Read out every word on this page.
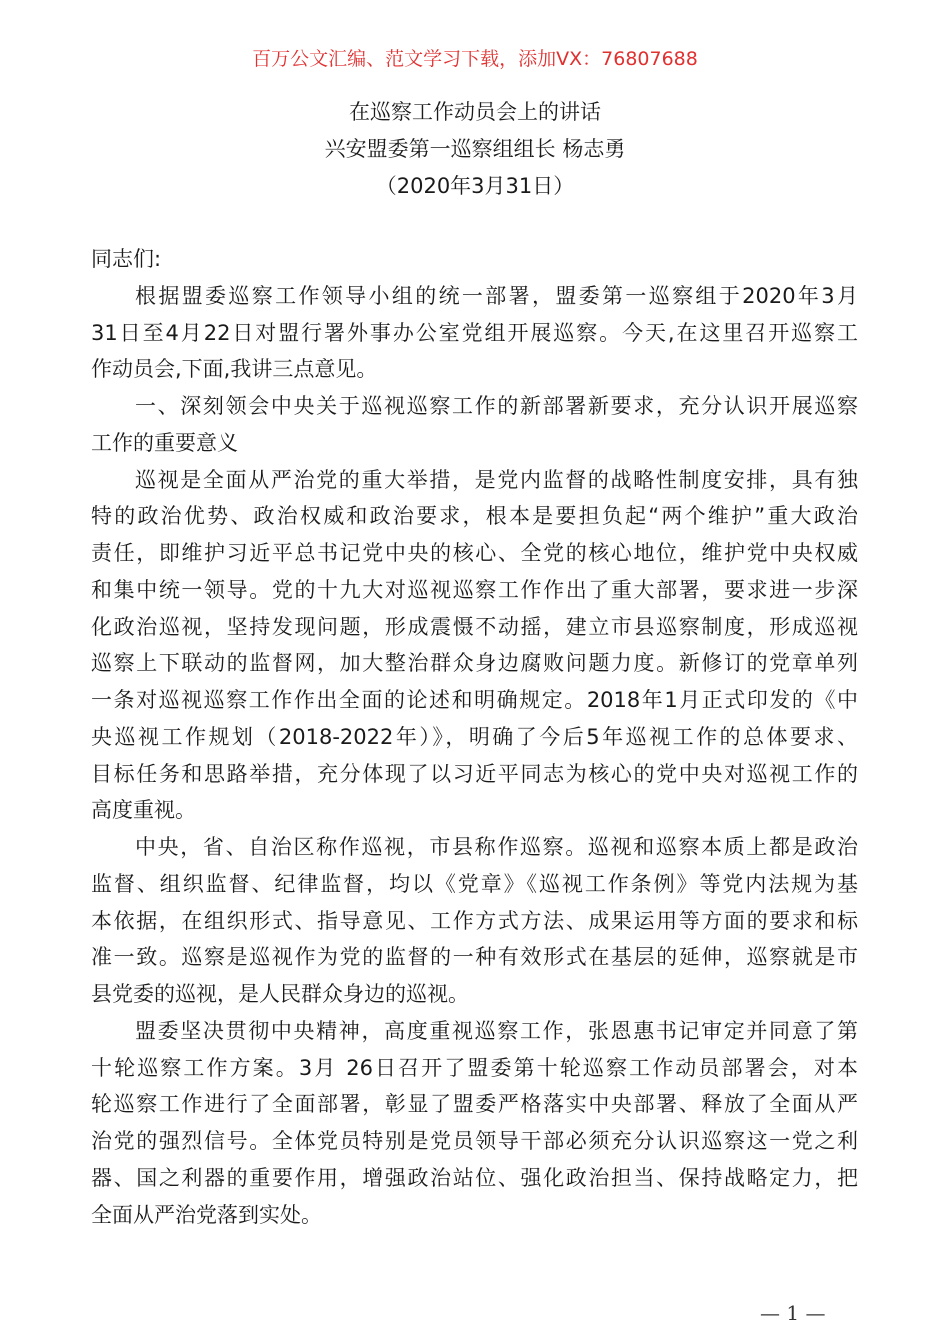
百万公文汇编、范文学习下载，添加VX：76807688
在巡察工作动员会上的讲话
兴安盟委第一巡察组组长 杨志勇
（2020年3月31日）
同志们:
根据盟委巡察工作领导小组的统一部署，盟委第一巡察组于2020年3月
31日至4月22日对盟行署外事办公室党组开展巡察。今天,在这里召开巡察工
作动员会,下面,我讲三点意见。
一、深刻领会中央关于巡视巡察工作的新部署新要求，充分认识开展巡察
工作的重要意义
巡视是全面从严治党的重大举措，是党内监督的战略性制度安排，具有独
特的政治优势、政治权威和政治要求，根本是要担负起“两个维护”重大政治
责任，即维护习近平总书记党中央的核心、全党的核心地位，维护党中央权威
和集中统一领导。党的十九大对巡视巡察工作作出了重大部署，要求进一步深
化政治巡视，坚持发现问题，形成震慑不动摇，建立市县巡察制度，形成巡视
巡察上下联动的监督网，加大整治群众身边腐败问题力度。新修订的党章单列
一条对巡视巡察工作作出全面的论述和明确规定。2018年1月正式印发的《中
央巡视工作规划（2018-2022年）》，明确了今后5年巡视工作的总体要求、
目标任务和思路举措，充分体现了以习近平同志为核心的党中央对巡视工作的
高度重视。
中央，省、自治区称作巡视，市县称作巡察。巡视和巡察本质上都是政治
监督、组织监督、纪律监督，均以《党章》《巡视工作条例》等党内法规为基
本依据，在组织形式、指导意见、工作方式方法、成果运用等方面的要求和标
准一致。巡察是巡视作为党的监督的一种有效形式在基层的延伸，巡察就是市
县党委的巡视，是人民群众身边的巡视。
盟委坚决贯彻中央精神，高度重视巡察工作，张恩惠书记审定并同意了第
十轮巡察工作方案。3月 26日召开了盟委第十轮巡察工作动员部署会，对本
轮巡察工作进行了全面部署，彰显了盟委严格落实中央部署、释放了全面从严
治党的强烈信号。全体党员特别是党员领导干部必须充分认识巡察这一党之利
器、国之利器的重要作用，增强政治站位、强化政治担当、保持战略定力，把
全面从严治党落到实处。
— 1 —
